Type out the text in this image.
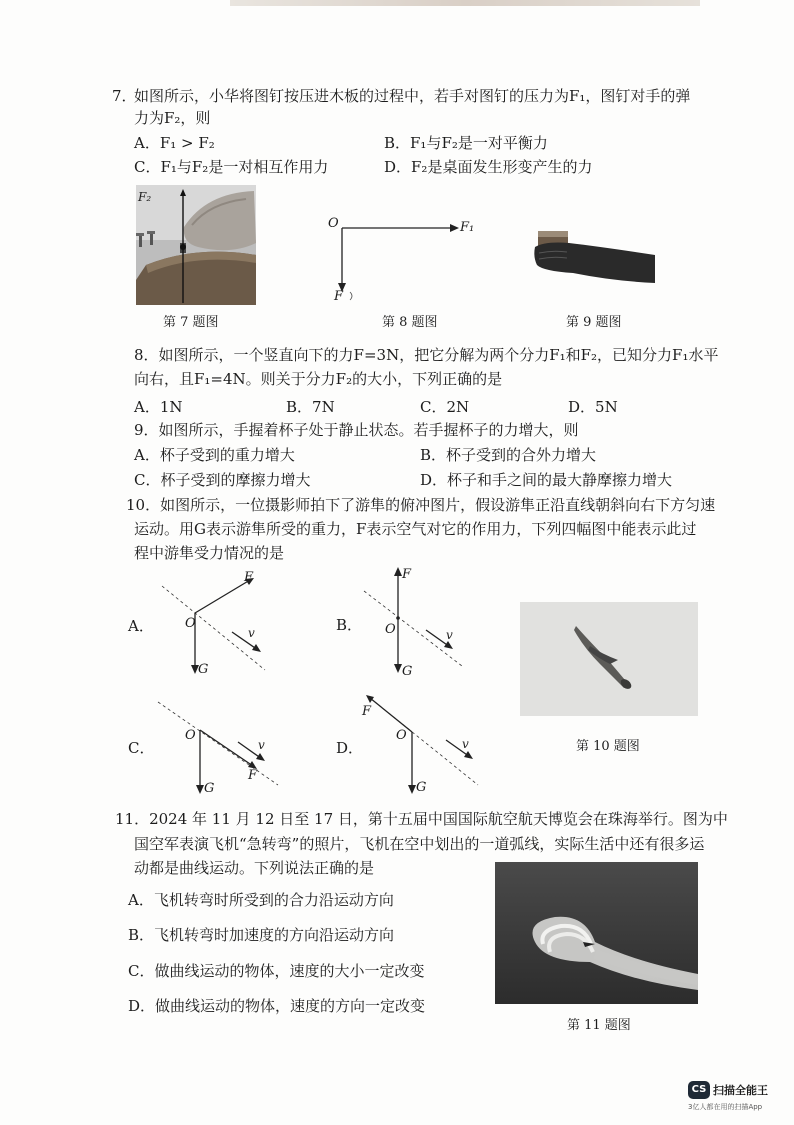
7．
如图所示，小华将图钉按压进木板的过程中，若手对图钉的压力为F₁，图钉对手的弹
力为F₂，则
A．F₁ > F₂	B．F₁与F₂是一对平衡力
C．F₁与F₂是一对相互作用力	D．F₂是桌面发生形变产生的力
F₂
O	F₁
F
第 7 题图	第 8 题图	第 9 题图
8．如图所示，一个竖直向下的力F=3N，把它分解为两个分力F₁和F₂，已知分力F₁水平
向右，且F₁=4N。则关于分力F₂的大小，下列正确的是
A．1N	B．7N	C．2N	D．5N
9．如图所示，手握着杯子处于静止状态。若手握杯子的力增大，则
A．杯子受到的重力增大	B．杯子受到的合外力增大
C．杯子受到的摩擦力增大	D．杯子和手之间的最大静摩擦力增大
10．如图所示，一位摄影师拍下了游隼的俯冲图片，假设游隼正沿直线朝斜向右下方匀速
运动。用G表示游隼所受的重力，F表示空气对它的作用力，下列四幅图中能表示此过
程中游隼受力情况的是
A． O
F
G
v	B． O
F
G
v
C．
O
F
G
v	D．
O
F
G
v	第 10 题图
11．2024 年 11 月 12 日至 17 日，第十五届中国国际航空航天博览会在珠海举行。图为中
国空军表演飞机“急转弯”的照片，飞机在空中划出的一道弧线，实际生活中还有很多运
动都是曲线运动。下列说法正确的是
A．飞机转弯时所受到的合力沿运动方向
B．飞机转弯时加速度的方向沿运动方向
C．做曲线运动的物体，速度的大小一定改变
D．做曲线运动的物体，速度的方向一定改变
第 11 题图
CS 扫描全能王
3亿人都在用的扫描App
